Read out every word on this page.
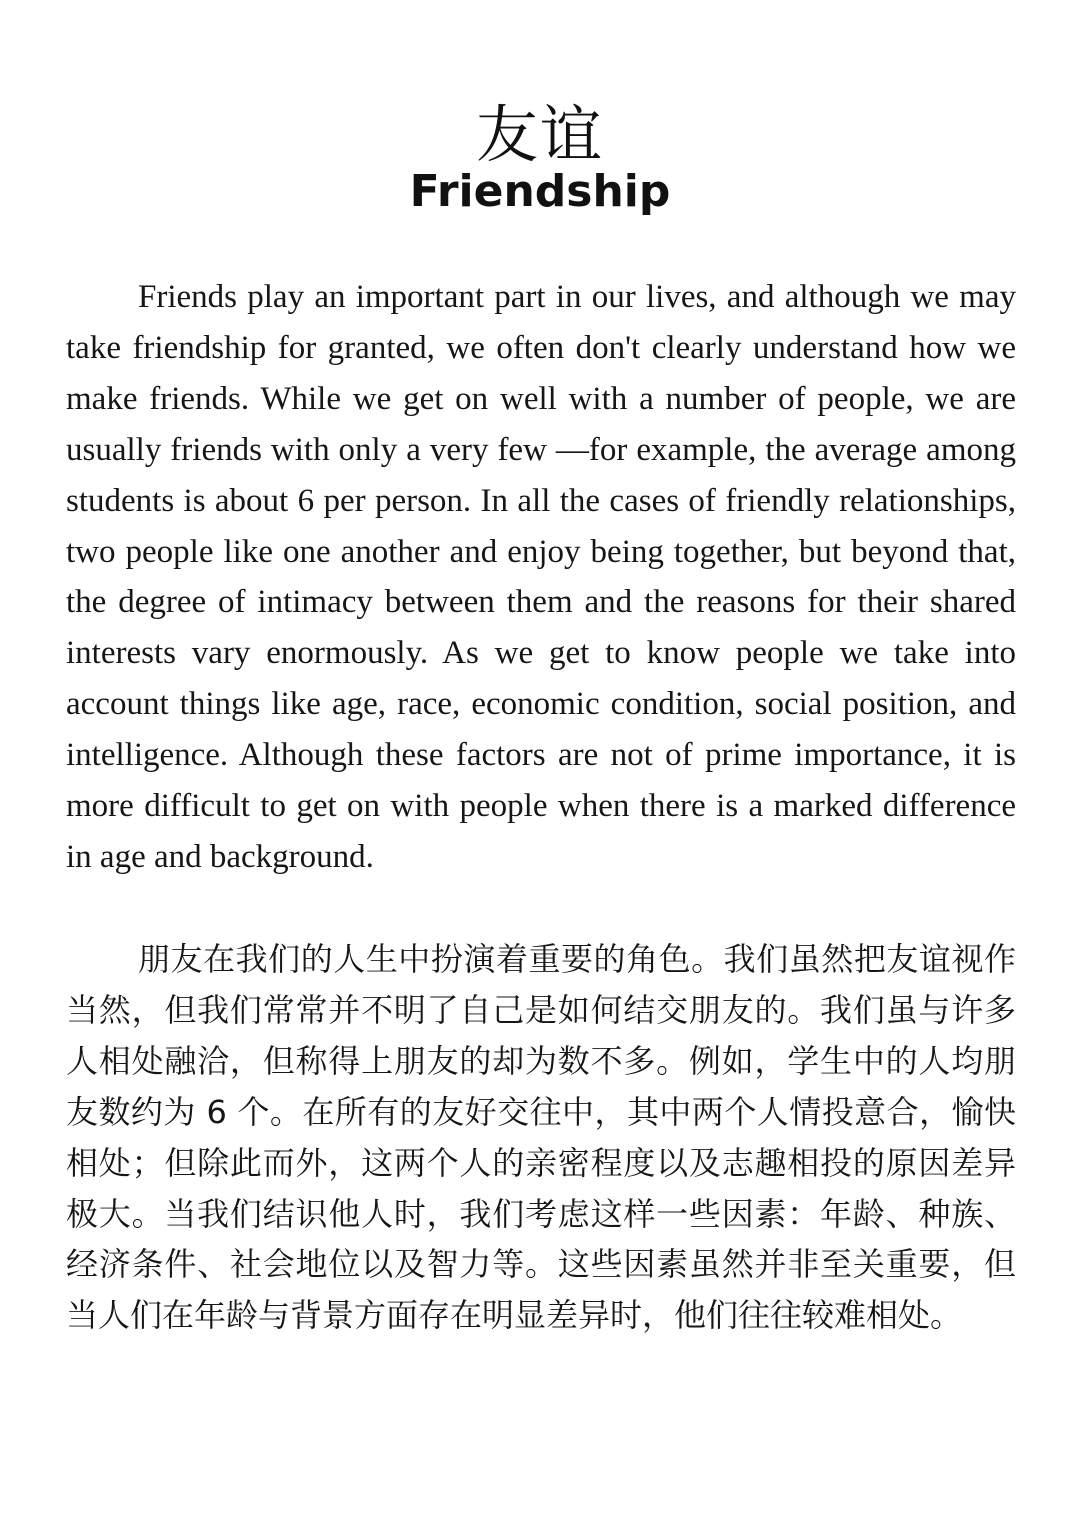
友谊
Friendship

Friends play an important part in our lives, and although we may take friendship for granted, we often don't clearly understand how we make friends. While we get on well with a number of people, we are usually friends with only a very few —for example, the average among students is about 6 per person. In all the cases of friendly relationships, two people like one another and enjoy being together, but beyond that, the degree of intimacy between them and the reasons for their shared interests vary enormously. As we get to know people we take into account things like age, race, economic condition, social position, and intelligence. Although these factors are not of prime importance, it is more difficult to get on with people when there is a marked difference in age and background.

朋友在我们的人生中扮演着重要的角色。我们虽然把友谊视作当然，但我们常常并不明了自己是如何结交朋友的。我们虽与许多人相处融洽，但称得上朋友的却为数不多。例如，学生中的人均朋友数约为 6 个。在所有的友好交往中，其中两个人情投意合，愉快相处；但除此而外，这两个人的亲密程度以及志趣相投的原因差异极大。当我们结识他人时，我们考虑这样一些因素：年龄、种族、经济条件、社会地位以及智力等。这些因素虽然并非至关重要，但当人们在年龄与背景方面存在明显差异时，他们往往较难相处。
